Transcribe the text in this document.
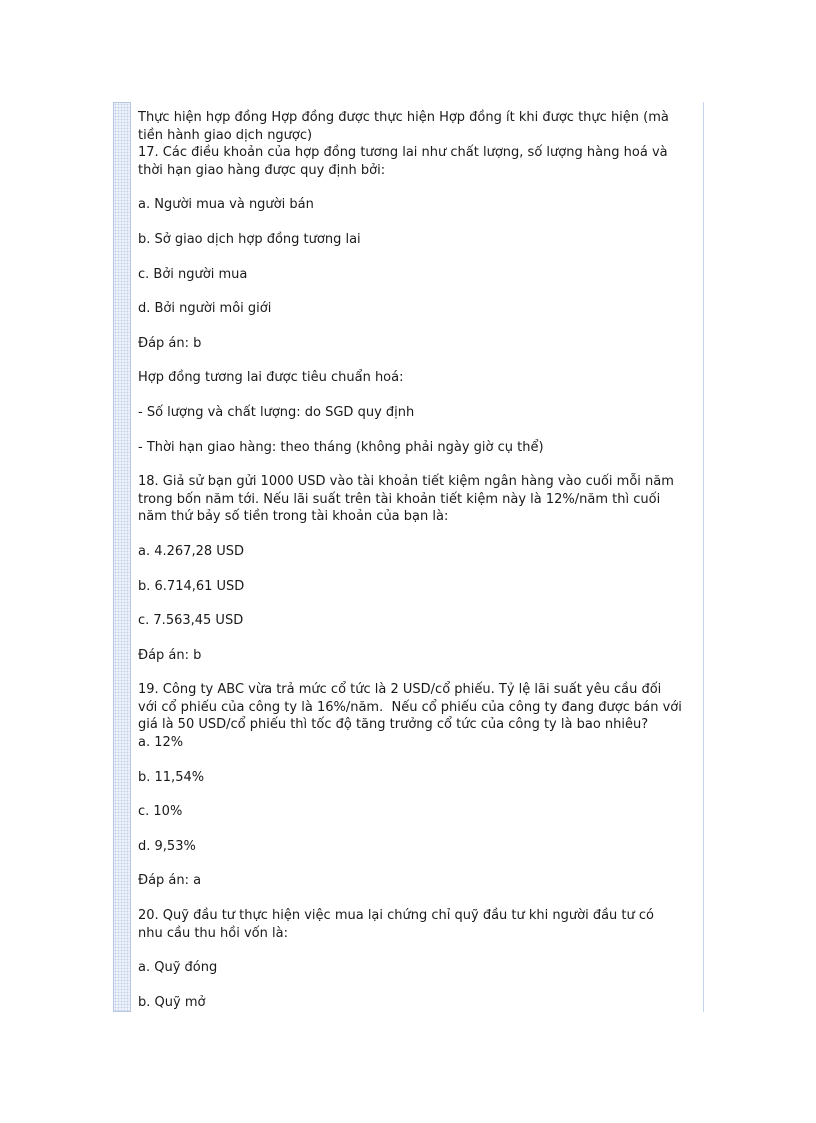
Thực hiện hợp đồng Hợp đồng được thực hiện Hợp đồng ít khi được thực hiện (mà

tiền hành giao dịch ngược)

17. Các điều khoản của hợp đồng tương lai như chất lượng, số lượng hàng hoá và

thời hạn giao hàng được quy định bởi:

a. Người mua và người bán

b. Sở giao dịch hợp đồng tương lai

c. Bởi người mua

d. Bởi người môi giới

Đáp án: b

Hợp đồng tương lai được tiêu chuẩn hoá:

- Số lượng và chất lượng: do SGD quy định

- Thời hạn giao hàng: theo tháng (không phải ngày giờ cụ thể)

18. Giả sử bạn gửi 1000 USD vào tài khoản tiết kiệm ngân hàng vào cuối mỗi năm

trong bốn năm tới. Nếu lãi suất trên tài khoản tiết kiệm này là 12%/năm thì cuối

năm thứ bảy số tiền trong tài khoản của bạn là:

a. 4.267,28 USD

b. 6.714,61 USD

c. 7.563,45 USD

Đáp án: b

19. Công ty ABC vừa trả mức cổ tức là 2 USD/cổ phiếu. Tỷ lệ lãi suất yêu cầu đối

với cổ phiếu của công ty là 16%/năm.  Nếu cổ phiếu của công ty đang được bán với

giá là 50 USD/cổ phiếu thì tốc độ tăng trưởng cổ tức của công ty là bao nhiêu?

a. 12%

b. 11,54%

c. 10%

d. 9,53%

Đáp án: a

20. Quỹ đầu tư thực hiện việc mua lại chứng chỉ quỹ đầu tư khi người đầu tư có

nhu cầu thu hồi vốn là:

a. Quỹ đóng

b. Quỹ mở
